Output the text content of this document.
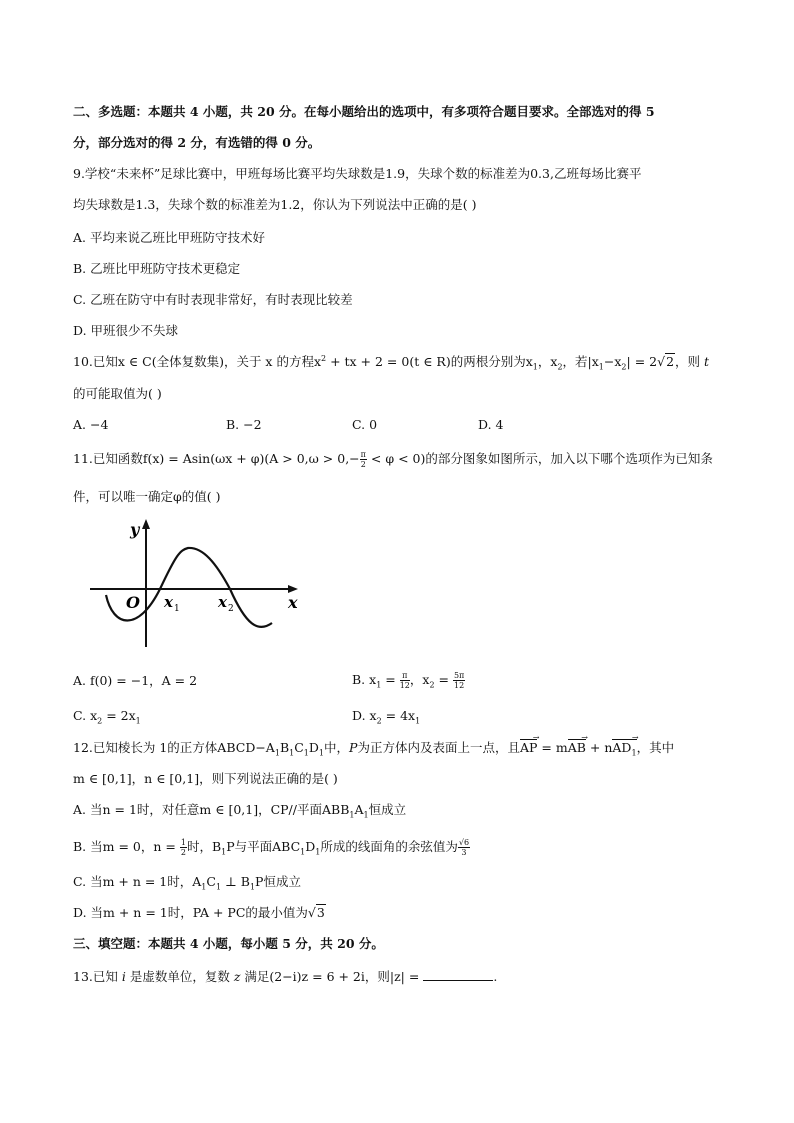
二、多选题：本题共 4 小题，共 20 分。在每小题给出的选项中，有多项符合题目要求。全部选对的得 5
分，部分选对的得 2 分，有选错的得 0 分。
9.学校“未来杯”足球比赛中，甲班每场比赛平均失球数是1.9，失球个数的标准差为0.3,乙班每场比赛平
均失球数是1.3，失球个数的标准差为1.2，你认为下列说法中正确的是( )
A. 平均来说乙班比甲班防守技术好
B. 乙班比甲班防守技术更稳定
C. 乙班在防守中有时表现非常好，有时表现比较差
D. 甲班很少不失球
10.已知x ∈ C(全体复数集)，关于 x 的方程$x^2$ + tx + 2 = 0(t ∈ R)的两根分别为$x_1$，$x_2$，若$|x_1-x_2| = 2√2$，则 t
的可能取值为( )
A. −4	B. −2	C. 0	D. 4
11.已知函数$f(x) = Asin(\omega x + \varphi)(A > 0,\omega > 0,- \frac{\pi}{2} < \varphi < 0)$的部分图象如图所示，加入以下哪个选项作为已知条
件，可以唯一确定φ的值( )
y
x
O x 1	x 2
A. f(0) = −1，A = 2	B. $x_1 = \frac{\pi}{12}$ ，$x_2 = \frac{5\pi}{12}$
C. $x_2 = 2x_1$	D. $x_2 = 4x_1$
12.已知棱长为 1的正方体$ABCD-A_1B_1C_1D_1$中，P为正方体内及表面上一点，且AP → = mAB → + nAD$_1$ →，其中
m ∈ [0,1]，n ∈ [0,1]，则下列说法正确的是( )
A. 当n = 1时，对任意m ∈ [0,1]，CP//平面$ABB_1A_1$恒成立
B. 当m = 0，$n = \frac{1}{2}$ 时，$B_1P$与平面$ABC_1D_1$所成的线面角的余弦值为 $\frac{√6}{3}$
C. 当m + n = 1时，$A_1C_1$ ⊥ $B_1P$恒成立
D. 当m + n = 1时，PA + PC的最小值为√3
三、填空题：本题共 4 小题，每小题 5 分，共 20 分。
13.已知 i 是虚数单位，复数 z 满足(2−i)z = 6 + 2i，则|z| =	.
